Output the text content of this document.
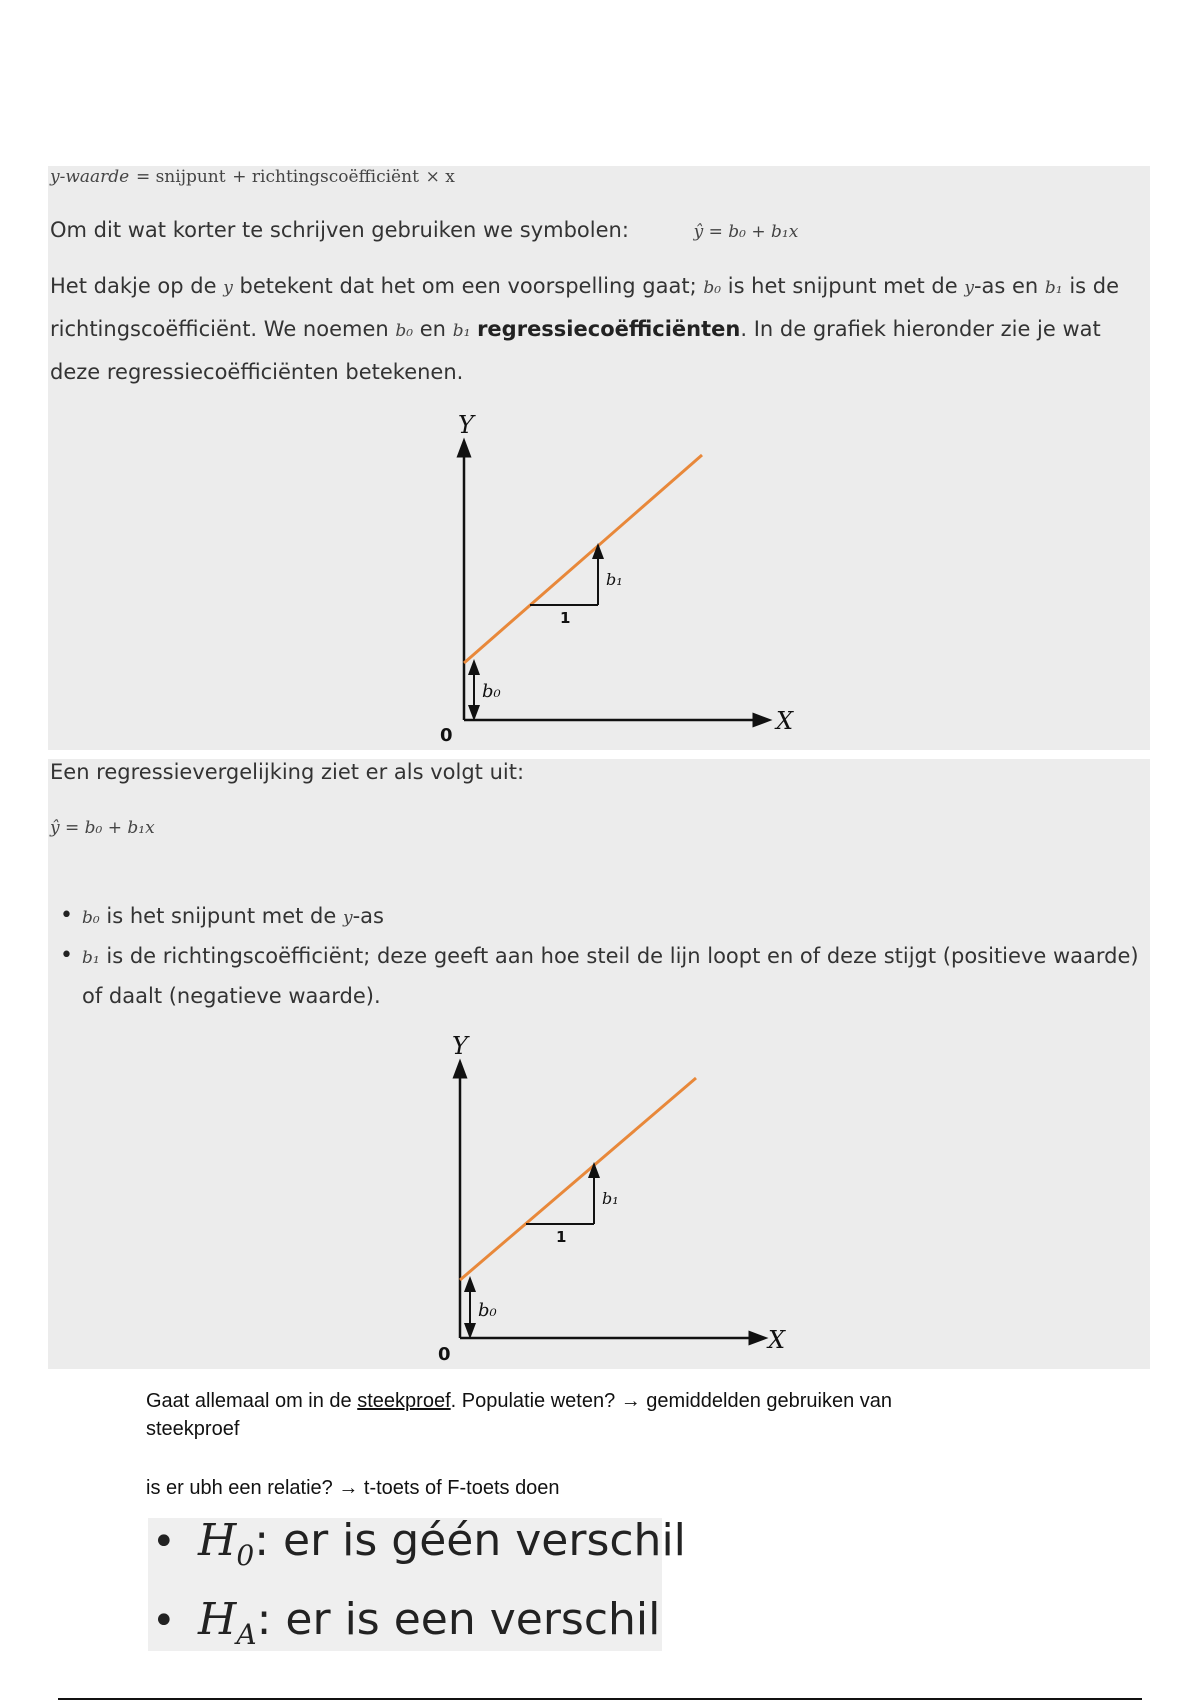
y-waarde = snijpunt + richtingscoëfficiënt × x
Om dit wat korter te schrijven gebruiken we symbolen:	ŷ = b₀ + b₁x
Het dakje op de y betekent dat het om een voorspelling gaat; b₀ is het snijpunt met de y-as en b₁ is de richtingscoëfficiënt. We noemen b₀ en b₁ regressiecoëfficiënten. In de grafiek hieronder zie je wat deze regressiecoëfficiënten betekenen.
Y
X
0
1
b₁
b₀
Een regressievergelijking ziet er als volgt uit:
ŷ = b₀ + b₁x
• b₀ is het snijpunt met de y-as
• b₁ is de richtingscoëfficiënt; deze geeft aan hoe steil de lijn loopt en of deze stijgt (positieve waarde) of daalt (negatieve waarde).
Y
X
0
1
b₁
b₀
Gaat allemaal om in de steekproef. Populatie weten? → gemiddelden gebruiken van
steekproef
is er ubh een relatie? → t-toets of F-toets doen
• $H_0$: er is géén verschil
• $H_A$: er is een verschil
